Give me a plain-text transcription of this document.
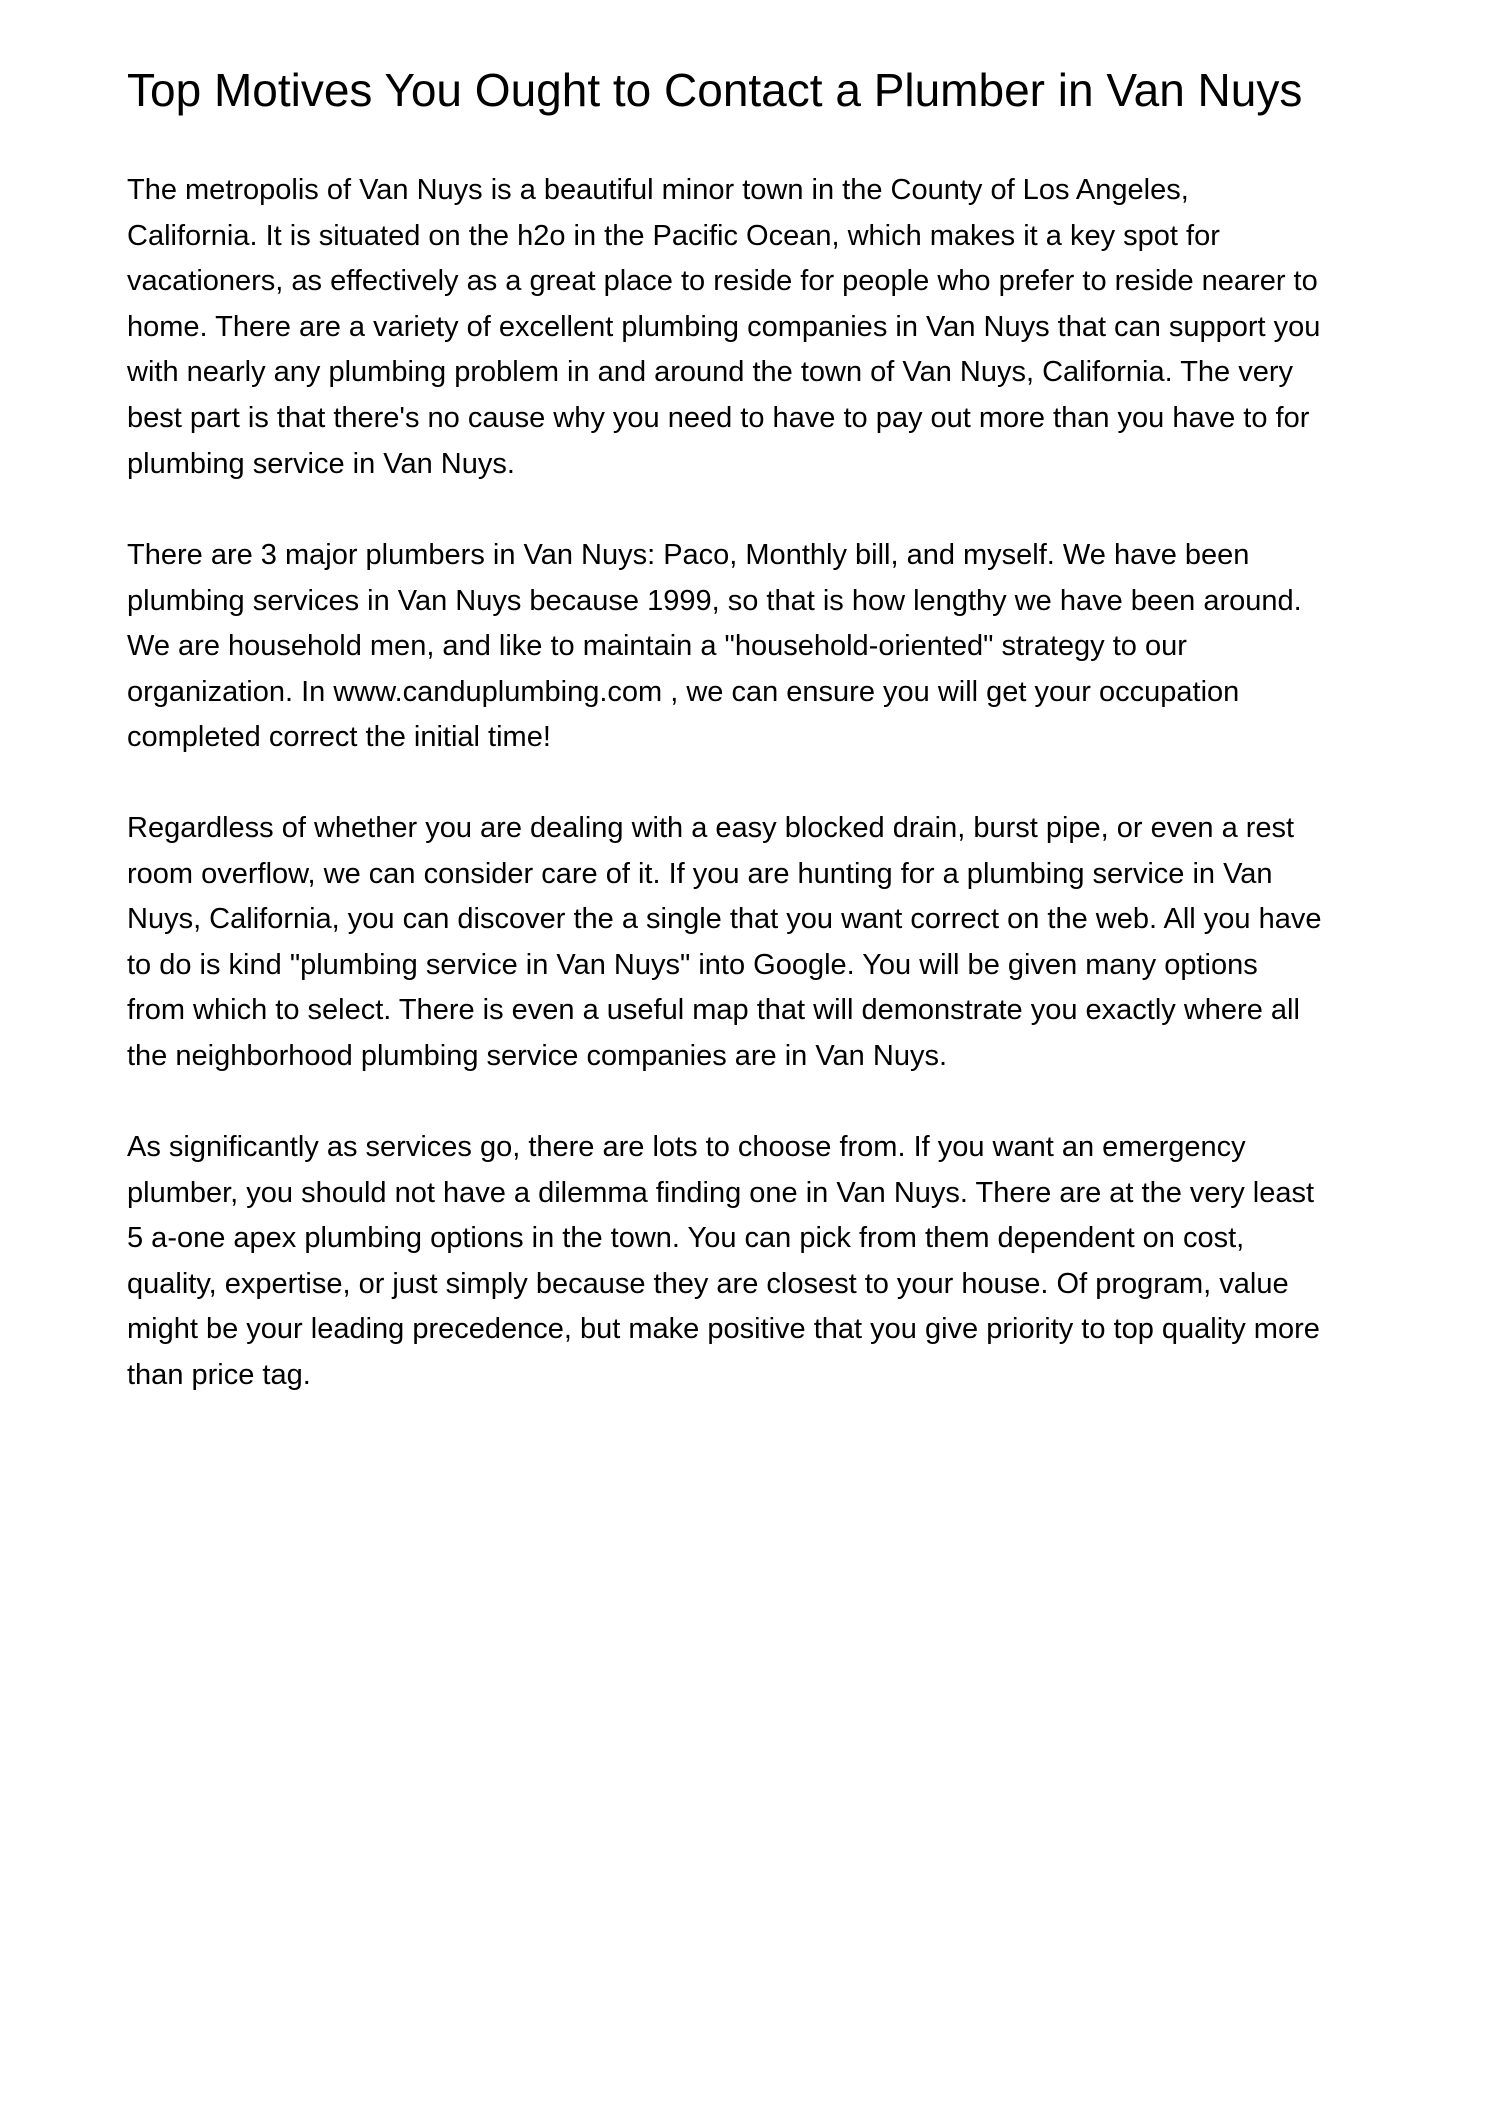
Top Motives You Ought to Contact a Plumber in Van Nuys
The metropolis of Van Nuys is a beautiful minor town in the County of Los Angeles,
California. It is situated on the h2o in the Pacific Ocean, which makes it a key spot for
vacationers, as effectively as a great place to reside for people who prefer to reside nearer to
home. There are a variety of excellent plumbing companies in Van Nuys that can support you
with nearly any plumbing problem in and around the town of Van Nuys, California. The very
best part is that there's no cause why you need to have to pay out more than you have to for
plumbing service in Van Nuys.
There are 3 major plumbers in Van Nuys: Paco, Monthly bill, and myself. We have been
plumbing services in Van Nuys because 1999, so that is how lengthy we have been around.
We are household men, and like to maintain a "household-oriented" strategy to our
organization. In www.canduplumbing.com , we can ensure you will get your occupation
completed correct the initial time!
Regardless of whether you are dealing with a easy blocked drain, burst pipe, or even a rest
room overflow, we can consider care of it. If you are hunting for a plumbing service in Van
Nuys, California, you can discover the a single that you want correct on the web. All you have
to do is kind "plumbing service in Van Nuys" into Google. You will be given many options
from which to select. There is even a useful map that will demonstrate you exactly where all
the neighborhood plumbing service companies are in Van Nuys.
As significantly as services go, there are lots to choose from. If you want an emergency
plumber, you should not have a dilemma finding one in Van Nuys. There are at the very least
5 a-one apex plumbing options in the town. You can pick from them dependent on cost,
quality, expertise, or just simply because they are closest to your house. Of program, value
might be your leading precedence, but make positive that you give priority to top quality more
than price tag.
